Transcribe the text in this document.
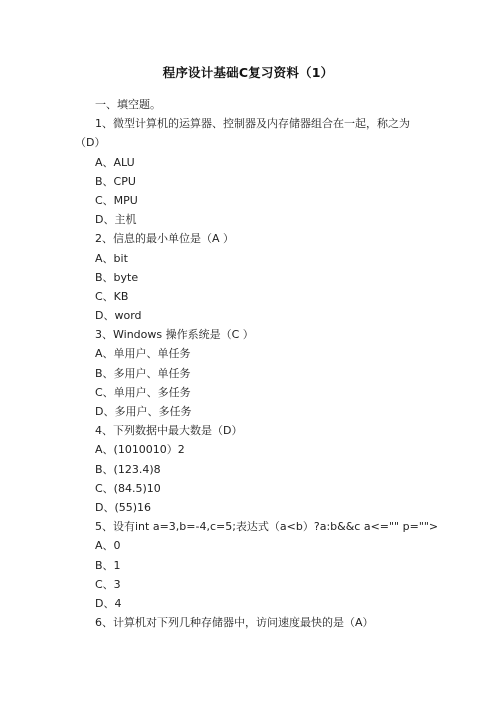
程序设计基础C复习资料（1）
一、填空题。
1、微型计算机的运算器、控制器及内存储器组合在一起，称之为
（D）
A、ALU
B、CPU
C、MPU
D、主机
2、信息的最小单位是（A ）
A、bit
B、byte
C、KB
D、word
3、Windows 操作系统是（C ）
A、单用户、单任务
B、多用户、单任务
C、单用户、多任务
D、多用户、多任务
4、下列数据中最大数是（D）
A、(1010010）2
B、(123.4)8
C、(84.5)10
D、(55)16
5、设有int a=3,b=-4,c=5;表达式（a<b）?a:b&&c a<="" p="">
A、0
B、1
C、3
D、4
6、计算机对下列几种存储器中，访问速度最快的是（A）
